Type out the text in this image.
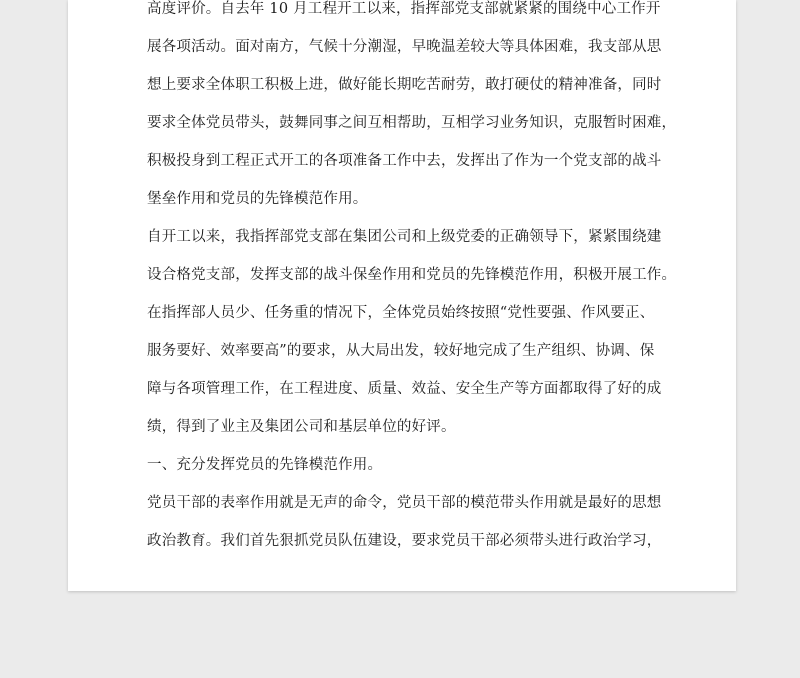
高度评价。自去年 10 月工程开工以来，指挥部党支部就紧紧的围绕中心工作开
展各项活动。面对南方，气候十分潮湿，早晚温差较大等具体困难，我支部从思
想上要求全体职工积极上进，做好能长期吃苦耐劳，敢打硬仗的精神准备，同时
要求全体党员带头，鼓舞同事之间互相帮助，互相学习业务知识，克服暂时困难，
积极投身到工程正式开工的各项准备工作中去，发挥出了作为一个党支部的战斗
堡垒作用和党员的先锋模范作用。
自开工以来，我指挥部党支部在集团公司和上级党委的正确领导下，紧紧围绕建
设合格党支部，发挥支部的战斗保垒作用和党员的先锋模范作用，积极开展工作。
在指挥部人员少、任务重的情况下，全体党员始终按照“党性要强、作风要正、
服务要好、效率要高”的要求，从大局出发，较好地完成了生产组织、协调、保
障与各项管理工作，在工程进度、质量、效益、安全生产等方面都取得了好的成
绩，得到了业主及集团公司和基层单位的好评。
一、充分发挥党员的先锋模范作用。
党员干部的表率作用就是无声的命令，党员干部的模范带头作用就是最好的思想
政治教育。我们首先狠抓党员队伍建设，要求党员干部必须带头进行政治学习，
